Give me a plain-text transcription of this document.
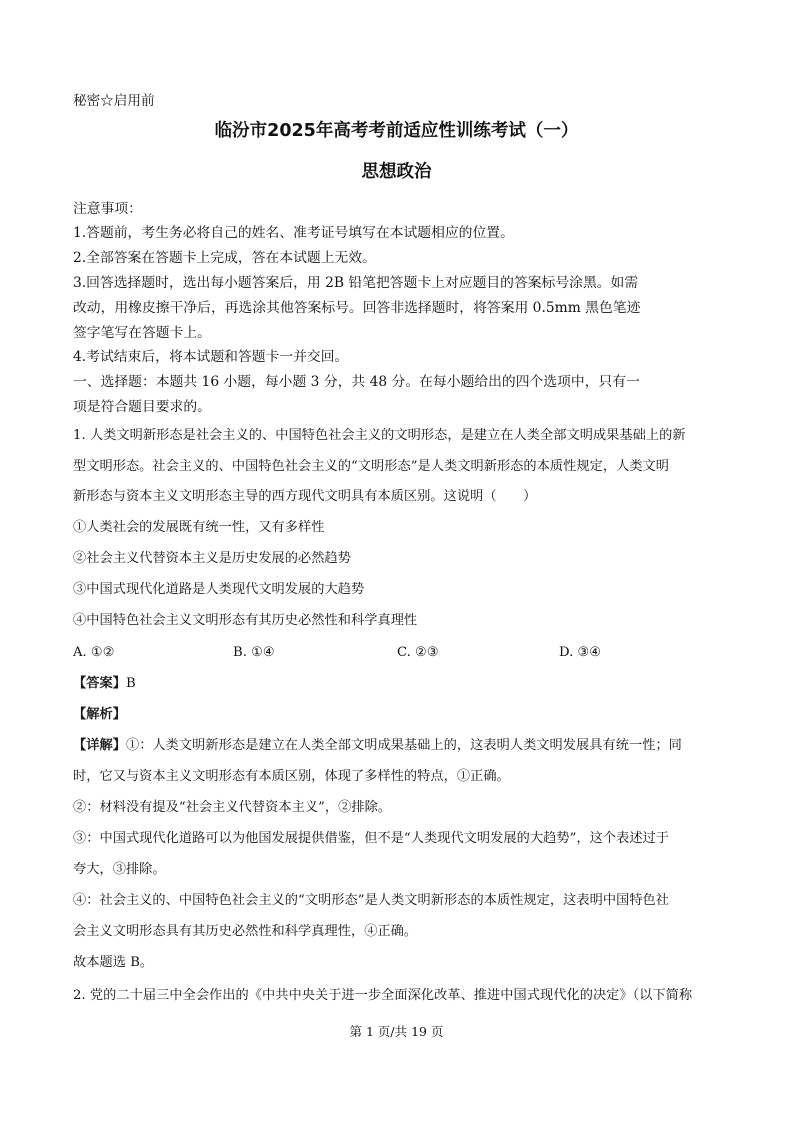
秘密☆启用前
临汾市2025年高考考前适应性训练考试（一）
思想政治
注意事项：
1.答题前，考生务必将自己的姓名、准考证号填写在本试题相应的位置。
2.全部答案在答题卡上完成，答在本试题上无效。
3.回答选择题时，选出每小题答案后，用 2B 铅笔把答题卡上对应题目的答案标号涂黑。如需
改动，用橡皮擦干净后，再选涂其他答案标号。回答非选择题时，将答案用 0.5mm 黑色笔迹
签字笔写在答题卡上。
4.考试结束后，将本试题和答题卡一并交回。
一、选择题：本题共 16 小题，每小题 3 分，共 48 分。在每小题给出的四个选项中，只有一
项是符合题目要求的。
1. 人类文明新形态是社会主义的、中国特色社会主义的文明形态，是建立在人类全部文明成果基础上的新
型文明形态。社会主义的、中国特色社会主义的“文明形态”是人类文明新形态的本质性规定，人类文明
新形态与资本主义文明形态主导的西方现代文明具有本质区别。这说明（　　）
①人类社会的发展既有统一性，又有多样性
②社会主义代替资本主义是历史发展的必然趋势
③中国式现代化道路是人类现代文明发展的大趋势
④中国特色社会主义文明形态有其历史必然性和科学真理性
A. ①②	B. ①④	C. ②③	D. ③④
【答案】B
【解析】
【详解】①：人类文明新形态是建立在人类全部文明成果基础上的，这表明人类文明发展具有统一性；同
时，它又与资本主义文明形态有本质区别，体现了多样性的特点，①正确。
②：材料没有提及“社会主义代替资本主义”，②排除。
③：中国式现代化道路可以为他国发展提供借鉴，但不是“人类现代文明发展的大趋势”，这个表述过于
夸大，③排除。
④：社会主义的、中国特色社会主义的“文明形态”是人类文明新形态的本质性规定，这表明中国特色社
会主义文明形态具有其历史必然性和科学真理性，④正确。
故本题选 B。
2. 党的二十届三中全会作出的《中共中央关于进一步全面深化改革、推进中国式现代化的决定》（以下简称
第 1 页/共 19 页
